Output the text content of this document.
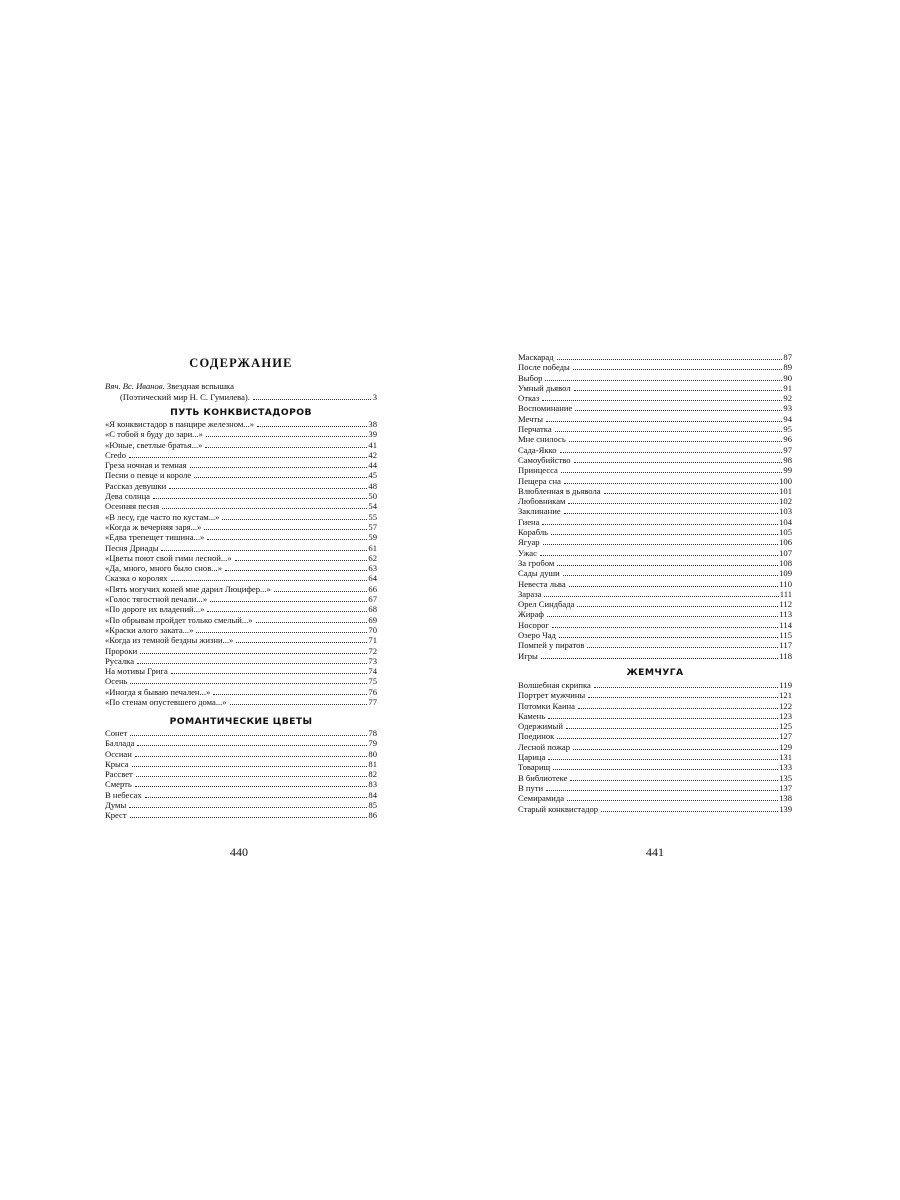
СОДЕРЖАНИЕ
Вяч. Вс. Иванов. Звездная вспышка
(Поэтический мир Н. С. Гумилева).	3
ПУТЬ КОНКВИСТАДОРОВ
«Я конквистадор в панцире железном...»	38
«С тобой я буду до зари...»	39
«Юные, светлые братья...»	41
Credo	42
Греза ночная и темная	44
Песни о певце и короле	45
Рассказ девушки	48
Дева солнца	50
Осенняя песня	54
«В лесу, где часто по кустам...»	55
«Когда ж вечерняя заря...»	57
«Едва трепещет тишина...»	59
Песня Дриады	61
«Цветы поют свой гимн лесной...»	62
«Да, много, много было снов...»	63
Сказка о королях	64
«Пять могучих коней мне дарил Люцифер...»	66
«Голос тягостной печали...»	67
«По дороге их владений...»	68
«По обрывам пройдет только смелый...»	69
«Краски алого заката...»	70
«Когда из темной бездны жизни...»	71
Пророки	72
Русалка	73
На мотивы Грига	74
Осень	75
«Иногда я бываю печален...»	76
«По стенам опустевшего дома...»	77
РОМАНТИЧЕСКИЕ ЦВЕТЫ
Сонет	78
Баллада	79
Оссиан	80
Крыса	81
Рассвет	82
Смерть	83
В небесах	84
Думы	85
Крест	86
440
Маскарад	87
После победы	89
Выбор	90
Умный дьявол	91
Отказ	92
Воспоминание	93
Мечты	94
Перчатка	95
Мне снилось	96
Сада-Якко	97
Самоубийство	98
Принцесса	99
Пещера сна	100
Влюбленная в дьявола	101
Любовникам	102
Заклинание	103
Гиена	104
Корабль	105
Ягуар	106
Ужас	107
За гробом	108
Сады души	109
Невеста льва	110
Зараза	111
Орел Синдбада	112
Жираф	113
Носорог	114
Озеро Чад	115
Помпей у пиратов	117
Игры	118
ЖЕМЧУГА
Волшебная скрипка	119
Портрет мужчины	121
Потомки Каина	122
Камень	123
Одержимый	125
Поединок	127
Лесной пожар	129
Царица	131
Товарищ	133
В библиотеке	135
В пути	137
Семирамида	138
Старый конквистадор	139
441
